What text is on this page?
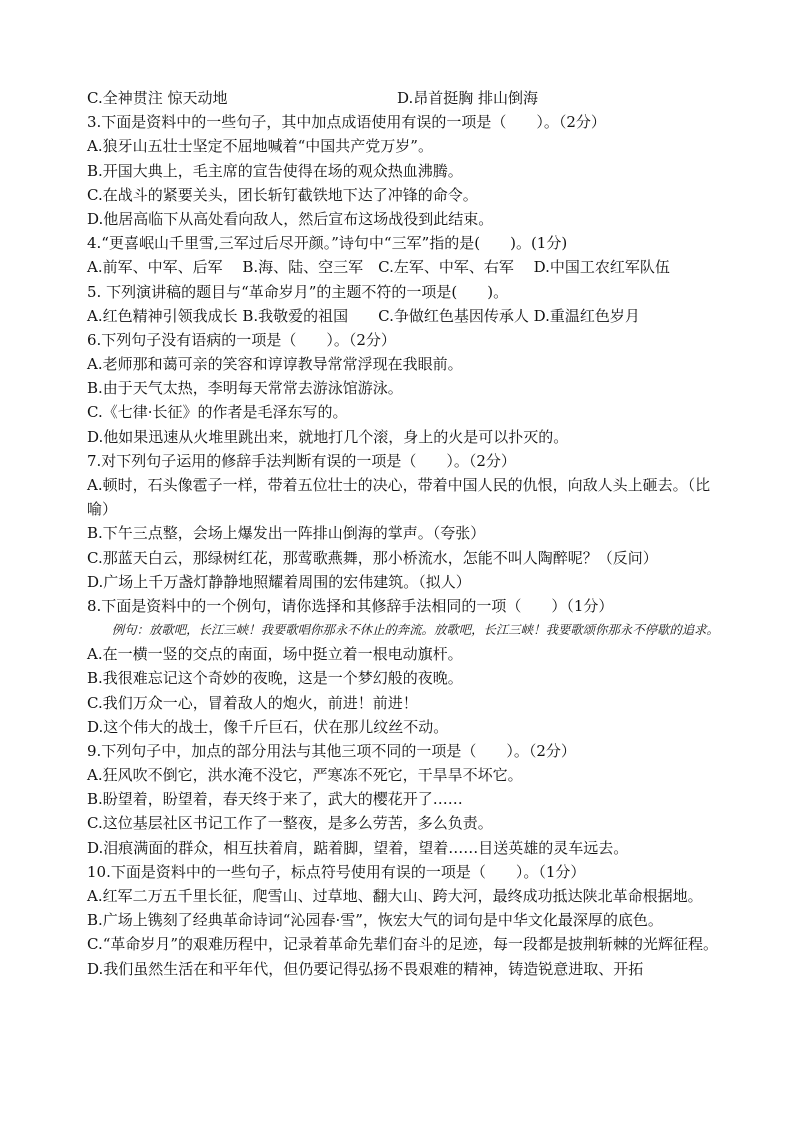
C.全神贯注 惊天动地	D.昂首挺胸 排山倒海
3.下面是资料中的一些句子，其中加点成语使用有误的一项是（　　）。（2分）
A.狼牙山五壮士坚定不屈地喊着“中国共产党万岁”。
B.开国大典上，毛主席的宣告使得在场的观众热血沸腾。
C.在战斗的紧要关头，团长斩钉截铁地下达了冲锋的命令。
D.他居高临下从高处看向敌人，然后宣布这场战役到此结束。
4.“更喜岷山千里雪,三军过后尽开颜。”诗句中“三军”指的是(　　)。(1分)
A.前军、中军、后军　 B.海、陆、空三军　C.左军、中军、右军　 D.中国工农红军队伍
5. 下列演讲稿的题目与“革命岁月”的主题不符的一项是(　　)。
A.红色精神引领我成长 B.我敬爱的祖国　　C.争做红色基因传承人 D.重温红色岁月
6.下列句子没有语病的一项是（　　）。（2分）
A.老师那和蔼可亲的笑容和谆谆教导常常浮现在我眼前。
B.由于天气太热，李明每天常常去游泳馆游泳。
C.《七律·长征》的作者是毛泽东写的。
D.他如果迅速从火堆里跳出来，就地打几个滚，身上的火是可以扑灭的。
7.对下列句子运用的修辞手法判断有误的一项是（　　）。（2分）
A.顿时，石头像雹子一样，带着五位壮士的决心，带着中国人民的仇恨，向敌人头上砸去。（比喻）
B.下午三点整，会场上爆发出一阵排山倒海的掌声。（夸张）
C.那蓝天白云，那绿树红花，那莺歌燕舞，那小桥流水，怎能不叫人陶醉呢？（反问）
D.广场上千万盏灯静静地照耀着周围的宏伟建筑。（拟人）
8.下面是资料中的一个例句，请你选择和其修辞手法相同的一项（　　）（1分）
例句：放歌吧，长江三峡！我要歌唱你那永不休止的奔流。放歌吧，长江三峡！我要歌颂你那永不停歇的追求。
A.在一横一竖的交点的南面，场中挺立着一根电动旗杆。
B.我很难忘记这个奇妙的夜晚，这是一个梦幻般的夜晚。
C.我们万众一心，冒着敌人的炮火，前进！前进！
D.这个伟大的战士，像千斤巨石，伏在那儿纹丝不动。
9.下列句子中，加点的部分用法与其他三项不同的一项是（　　）。（2分）
A.狂风吹不倒它，洪水淹不没它，严寒冻不死它，干旱旱不坏它。
B.盼望着，盼望着，春天终于来了，武大的樱花开了……
C.这位基层社区书记工作了一整夜，是多么劳苦，多么负责。
D.泪痕满面的群众，相互扶着肩，踮着脚，望着，望着……目送英雄的灵车远去。
10.下面是资料中的一些句子，标点符号使用有误的一项是（　　）。（1分）
A.红军二万五千里长征，爬雪山、过草地、翻大山、跨大河，最终成功抵达陕北革命根据地。
B.广场上镌刻了经典革命诗词“沁园春·雪”，恢宏大气的词句是中华文化最深厚的底色。
C.“革命岁月”的艰难历程中，记录着革命先辈们奋斗的足迹，每一段都是披荆斩棘的光辉征程。
D.我们虽然生活在和平年代，但仍要记得弘扬不畏艰难的精神，铸造锐意进取、开拓
